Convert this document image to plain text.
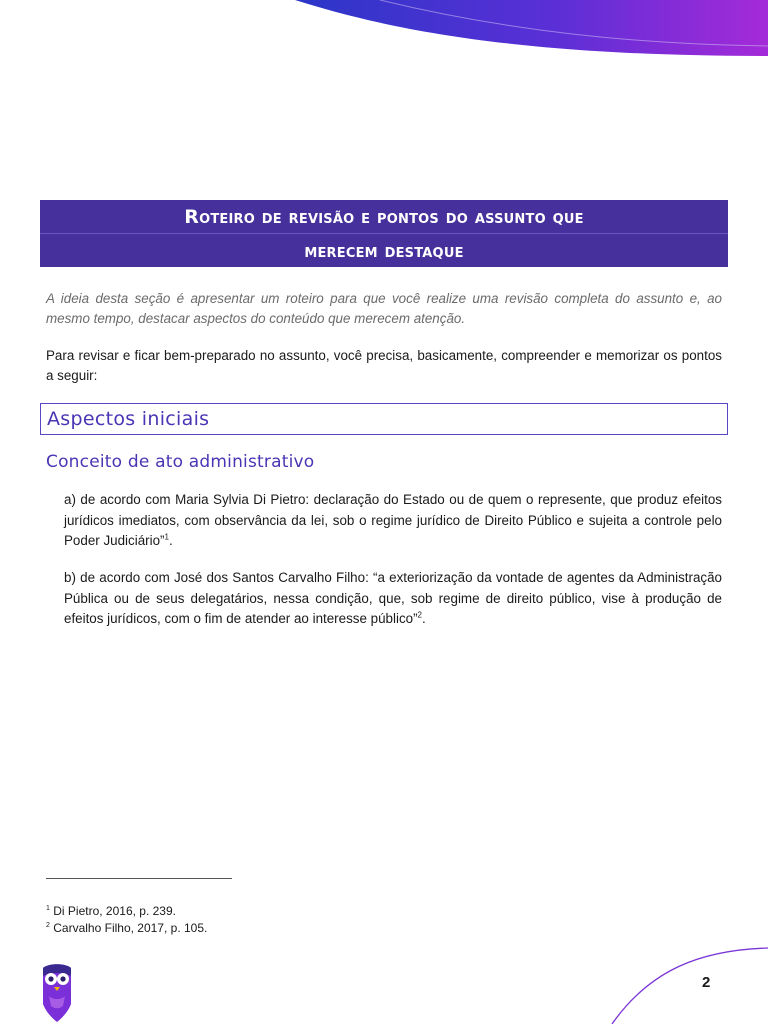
Roteiro de revisão e pontos do assunto que
merecem destaque

A ideia desta seção é apresentar um roteiro para que você realize uma revisão completa do assunto e, ao mesmo tempo, destacar aspectos do conteúdo que merecem atenção.

Para revisar e ficar bem-preparado no assunto, você precisa, basicamente, compreender e memorizar os pontos a seguir:

Aspectos iniciais
Conceito de ato administrativo

a) de acordo com Maria Sylvia Di Pietro: declaração do Estado ou de quem o represente, que produz efeitos jurídicos imediatos, com observância da lei, sob o regime jurídico de Direito Público e sujeita a controle pelo Poder Judiciário”$^1$.

b) de acordo com José dos Santos Carvalho Filho: “a exteriorização da vontade de agentes da Administração Pública ou de seus delegatários, nessa condição, que, sob regime de direito público, vise à produção de efeitos jurídicos, com o fim de atender ao interesse público”$^2$.

$^1$ Di Pietro, 2016, p. 239.
$^2$ Carvalho Filho, 2017, p. 105.
2
